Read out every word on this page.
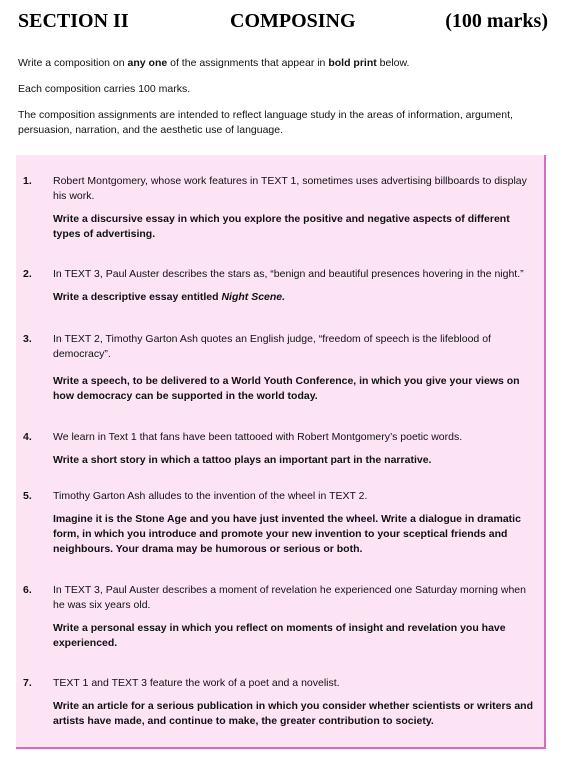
SECTION II	COMPOSING	(100 marks)
Write a composition on any one of the assignments that appear in bold print below.
Each composition carries 100 marks.
The composition assignments are intended to reflect language study in the areas of information, argument, persuasion, narration, and the aesthetic use of language.
1. Robert Montgomery, whose work features in TEXT 1, sometimes uses advertising billboards to display his work.
Write a discursive essay in which you explore the positive and negative aspects of different types of advertising.
2. In TEXT 3, Paul Auster describes the stars as, “benign and beautiful presences hovering in the night.”
Write a descriptive essay entitled Night Scene.
3. In TEXT 2, Timothy Garton Ash quotes an English judge, “freedom of speech is the lifeblood of democracy”.
Write a speech, to be delivered to a World Youth Conference, in which you give your views on how democracy can be supported in the world today.
4. We learn in Text 1 that fans have been tattooed with Robert Montgomery’s poetic words.
Write a short story in which a tattoo plays an important part in the narrative.
5. Timothy Garton Ash alludes to the invention of the wheel in TEXT 2.
Imagine it is the Stone Age and you have just invented the wheel. Write a dialogue in dramatic form, in which you introduce and promote your new invention to your sceptical friends and neighbours. Your drama may be humorous or serious or both.
6. In TEXT 3, Paul Auster describes a moment of revelation he experienced one Saturday morning when he was six years old.
Write a personal essay in which you reflect on moments of insight and revelation you have experienced.
7. TEXT 1 and TEXT 3 feature the work of a poet and a novelist.
Write an article for a serious publication in which you consider whether scientists or writers and artists have made, and continue to make, the greater contribution to society.
